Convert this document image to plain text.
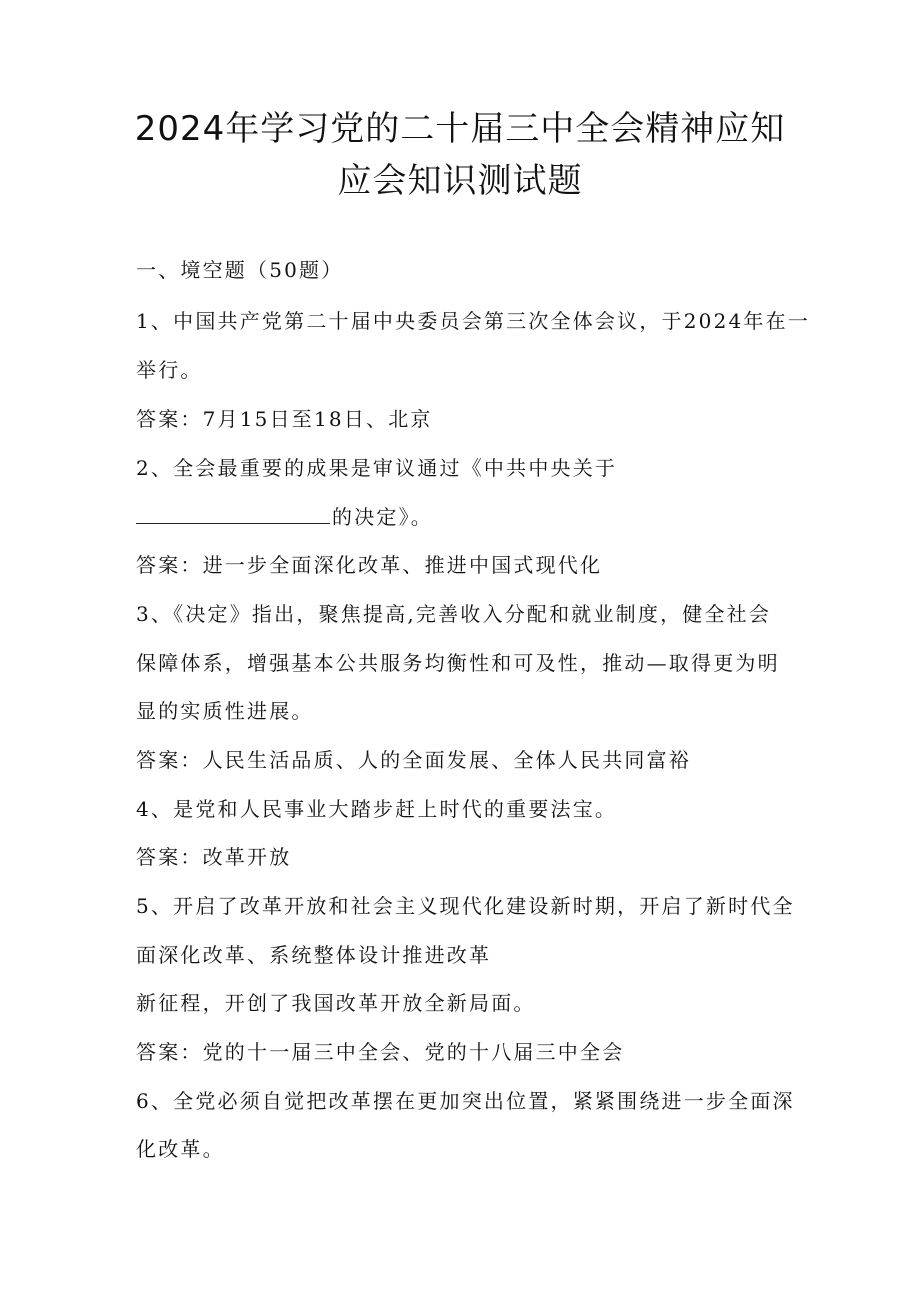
2024年学习党的二十届三中全会精神应知
应会知识测试题
一、境空题（50题）
1、中国共产党第二十届中央委员会第三次全体会议，于2024年在一
举行。
答案：7月15日至18日、北京
2、全会最重要的成果是审议通过《中共中央关于
的决定》。
答案：进一步全面深化改革、推进中国式现代化
3、《决定》指出，聚焦提高,完善收入分配和就业制度，健全社会
保障体系，增强基本公共服务均衡性和可及性，推动—取得更为明
显的实质性进展。
答案：人民生活品质、人的全面发展、全体人民共同富裕
4、是党和人民事业大踏步赶上时代的重要法宝。
答案：改革开放
5、开启了改革开放和社会主义现代化建设新时期，开启了新时代全
面深化改革、系统整体设计推进改革
新征程，开创了我国改革开放全新局面。
答案：党的十一届三中全会、党的十八届三中全会
6、全党必须自觉把改革摆在更加突出位置，紧紧围绕进一步全面深
化改革。
